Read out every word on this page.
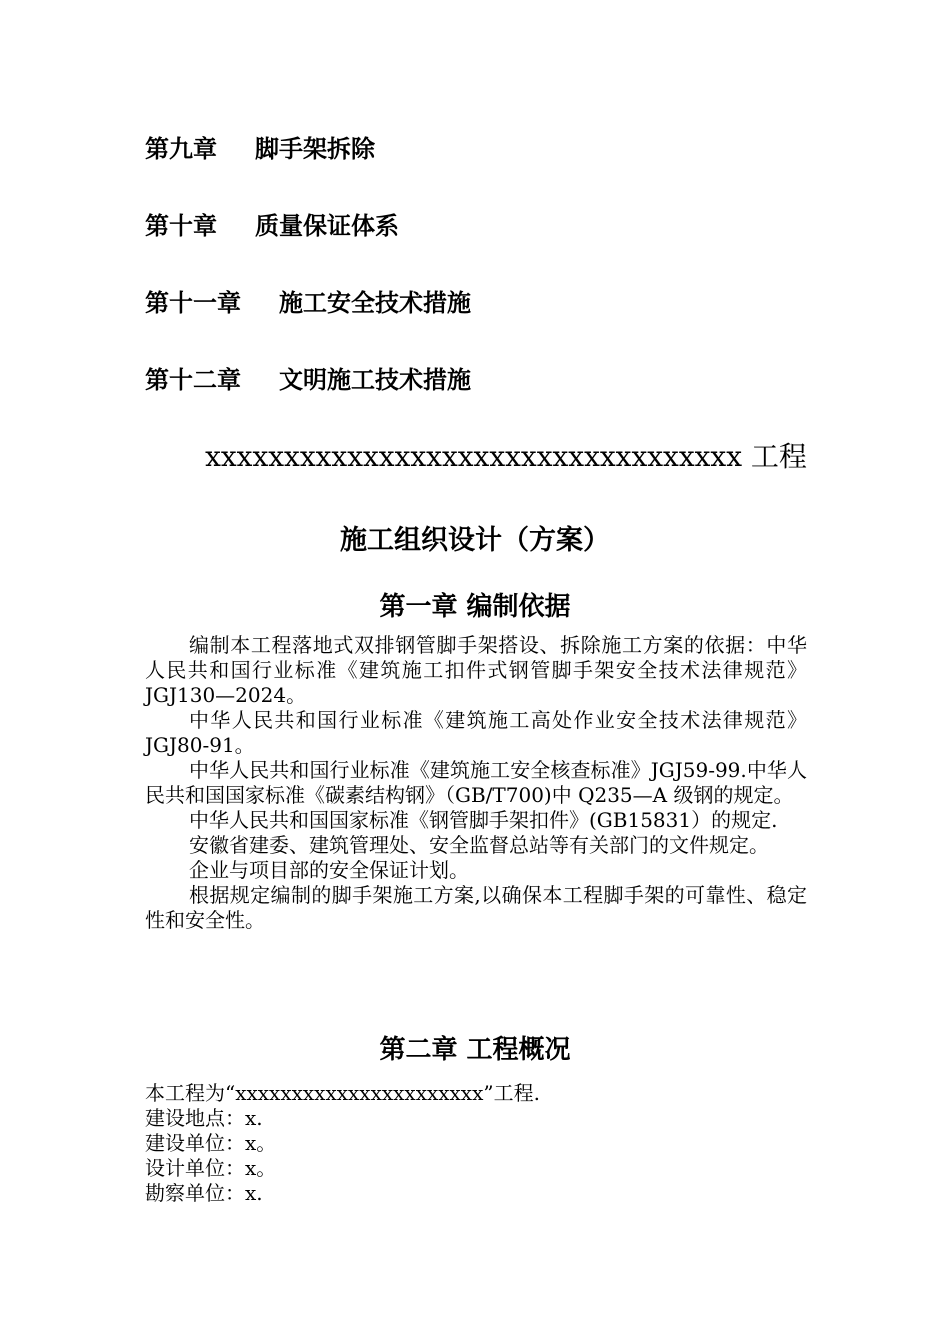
第九章 脚手架拆除
第十章 质量保证体系
第十一章 施工安全技术措施
第十二章 文明施工技术措施
xxxxxxxxxxxxxxxxxxxxxxxxxxxxxxxxxx 工程
施工组织设计（方案）
第一章 编制依据

编制本工程落地式双排钢管脚手架搭设、拆除施工方案的依据：中华人民共和国行业标准《建筑施工扣件式钢管脚手架安全技术法律规范》JGJ130—2024。

中华人民共和国行业标准《建筑施工高处作业安全技术法律规范》JGJ80-91。

中华人民共和国行业标准《建筑施工安全核查标准》JGJ59-99.中华人民共和国国家标准《碳素结构钢》（GB/T700)中 Q235—A 级钢的规定。

中华人民共和国国家标准《钢管脚手架扣件》(GB15831）的规定.

安徽省建委、建筑管理处、安全监督总站等有关部门的文件规定。

企业与项目部的安全保证计划。

根据规定编制的脚手架施工方案,以确保本工程脚手架的可靠性、稳定性和安全性。

第二章 工程概况
本工程为“xxxxxxxxxxxxxxxxxxxxxx”工程.
建设地点：x.
建设单位：x。
设计单位：x。
勘察单位：x.
